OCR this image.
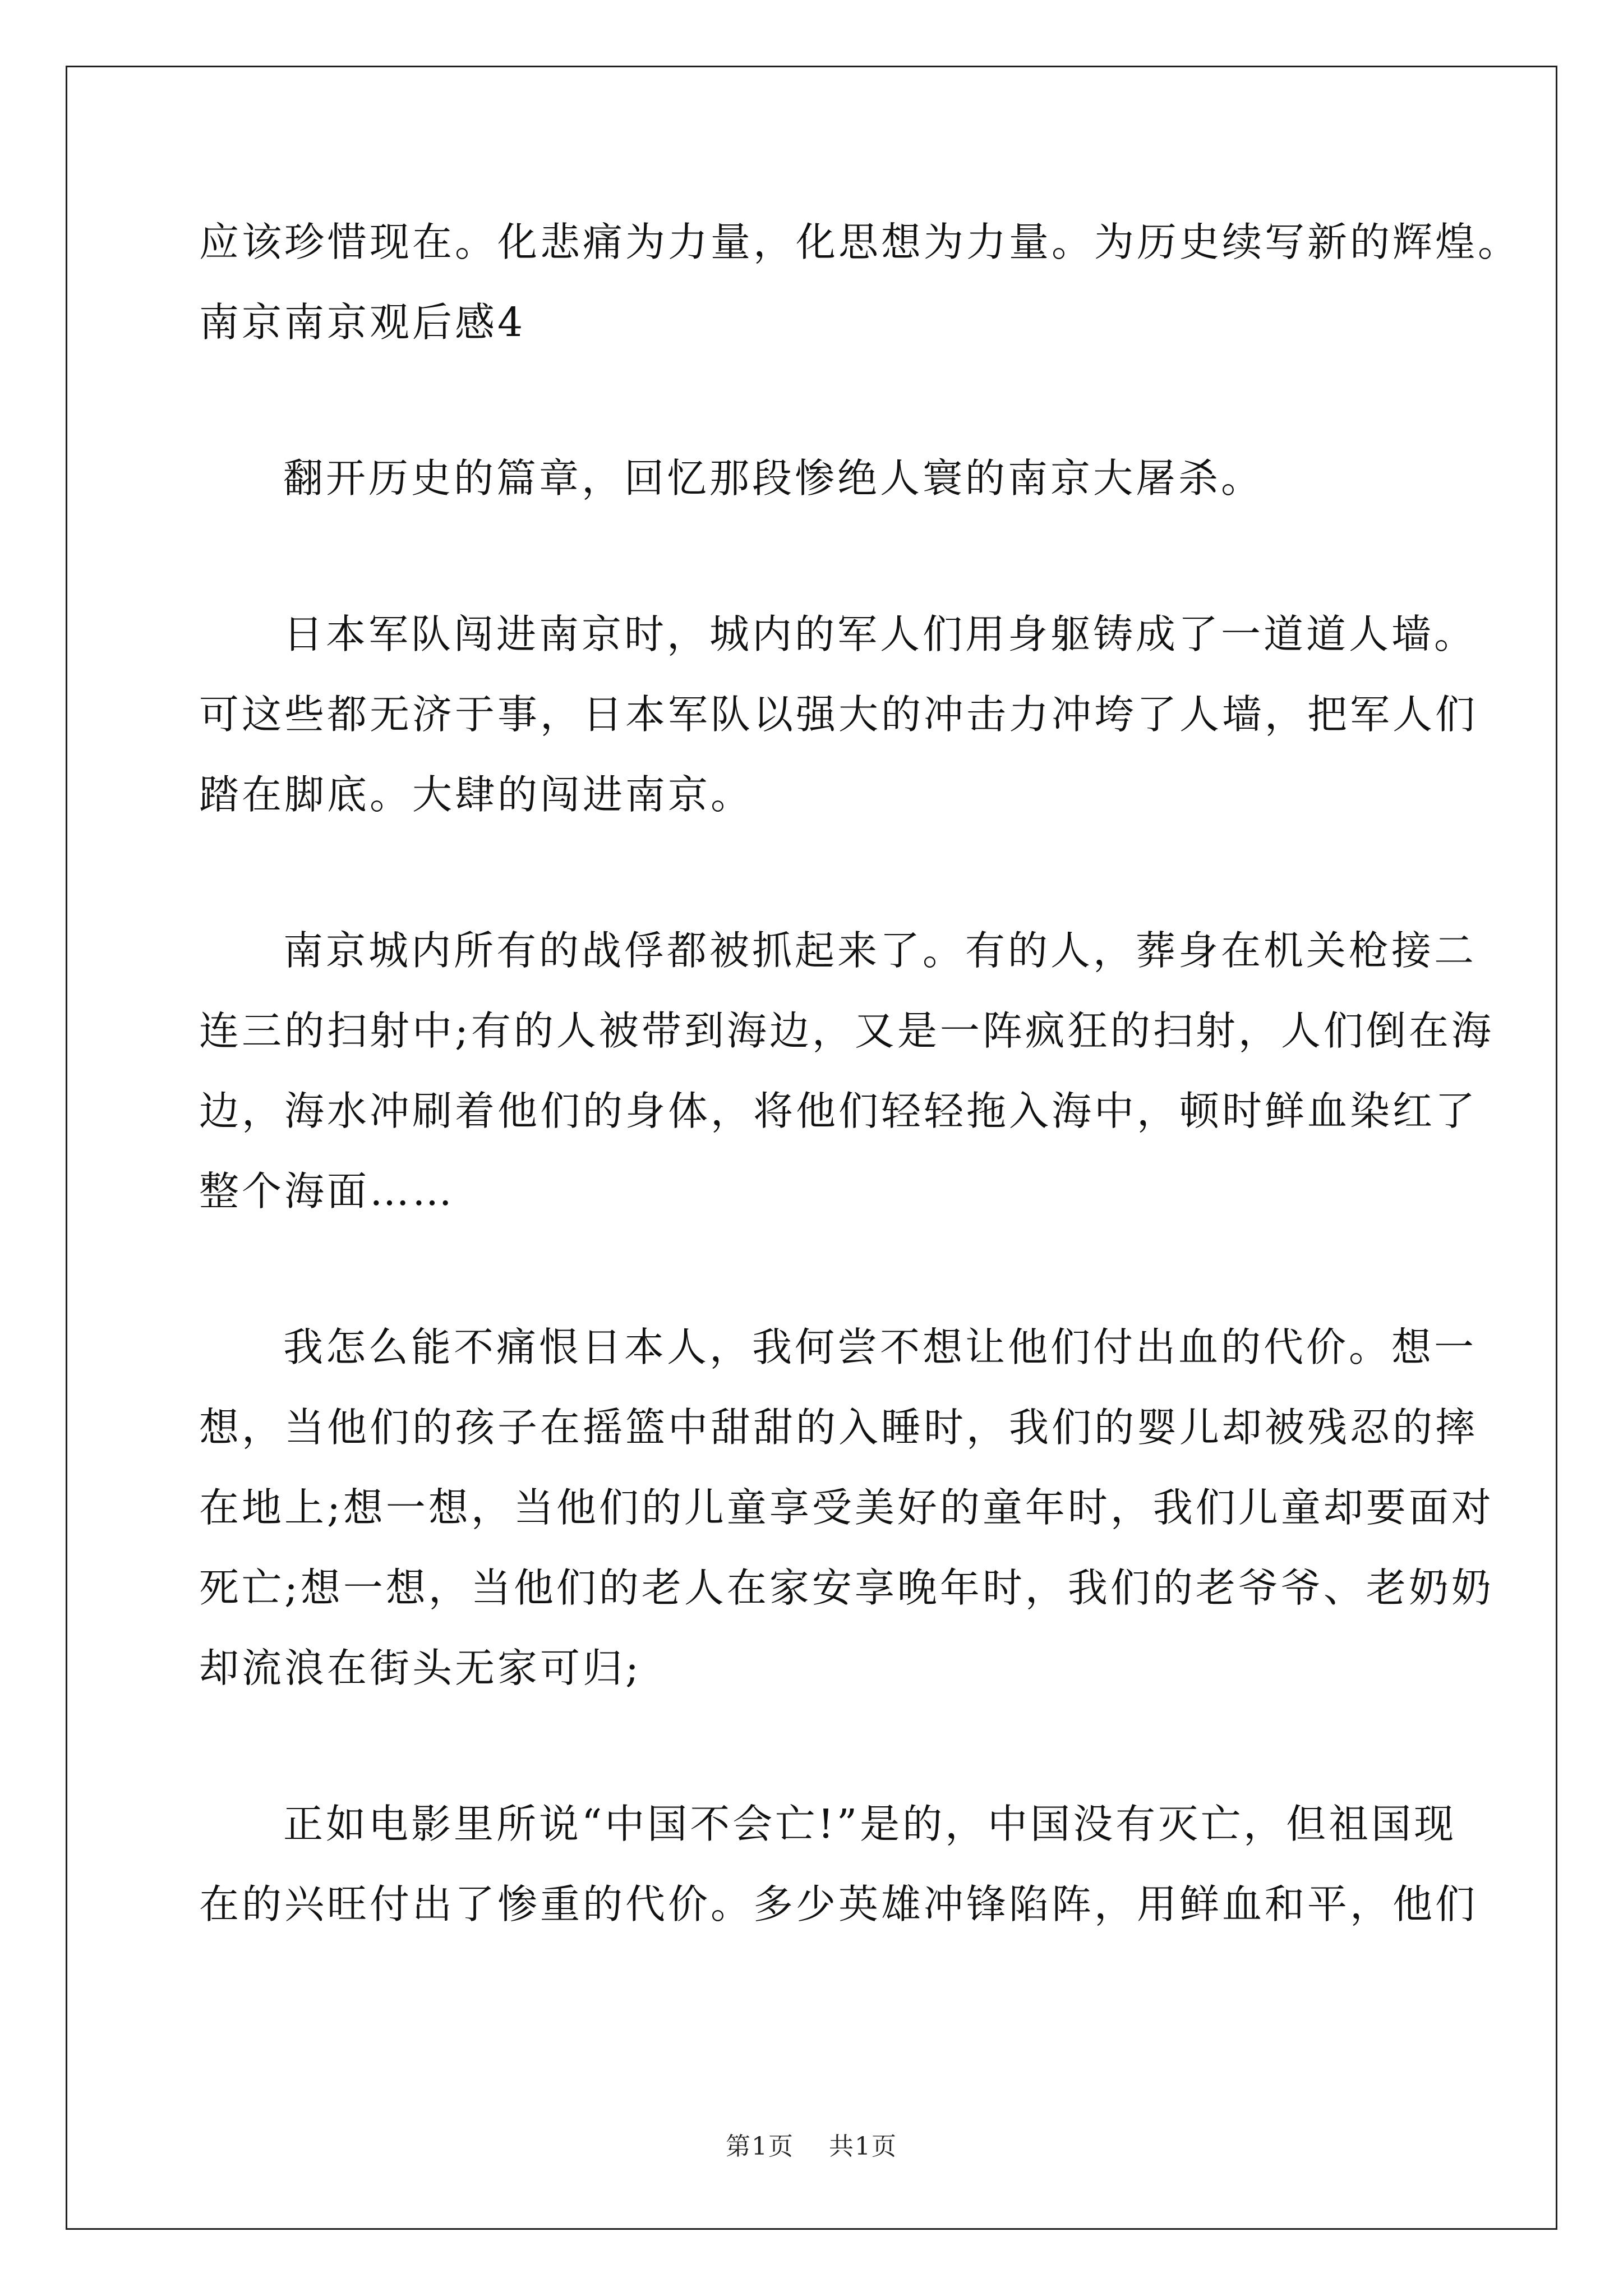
应该珍惜现在。化悲痛为力量，化思想为力量。为历史续写新的辉煌。
南京南京观后感4
翻开历史的篇章，回忆那段惨绝人寰的南京大屠杀。
日本军队闯进南京时，城内的军人们用身躯铸成了一道道人墙。
可这些都无济于事，日本军队以强大的冲击力冲垮了人墙，把军人们
踏在脚底。大肆的闯进南京。
南京城内所有的战俘都被抓起来了。有的人，葬身在机关枪接二
连三的扫射中;有的人被带到海边，又是一阵疯狂的扫射，人们倒在海
边，海水冲刷着他们的身体，将他们轻轻拖入海中，顿时鲜血染红了
整个海面……
我怎么能不痛恨日本人，我何尝不想让他们付出血的代价。想一
想，当他们的孩子在摇篮中甜甜的入睡时，我们的婴儿却被残忍的摔
在地上;想一想，当他们的儿童享受美好的童年时，我们儿童却要面对
死亡;想一想，当他们的老人在家安享晚年时，我们的老爷爷、老奶奶
却流浪在街头无家可归;
正如电影里所说“中国不会亡!”是的，中国没有灭亡，但祖国现
在的兴旺付出了惨重的代价。多少英雄冲锋陷阵，用鲜血和平，他们
第1页 共1页
